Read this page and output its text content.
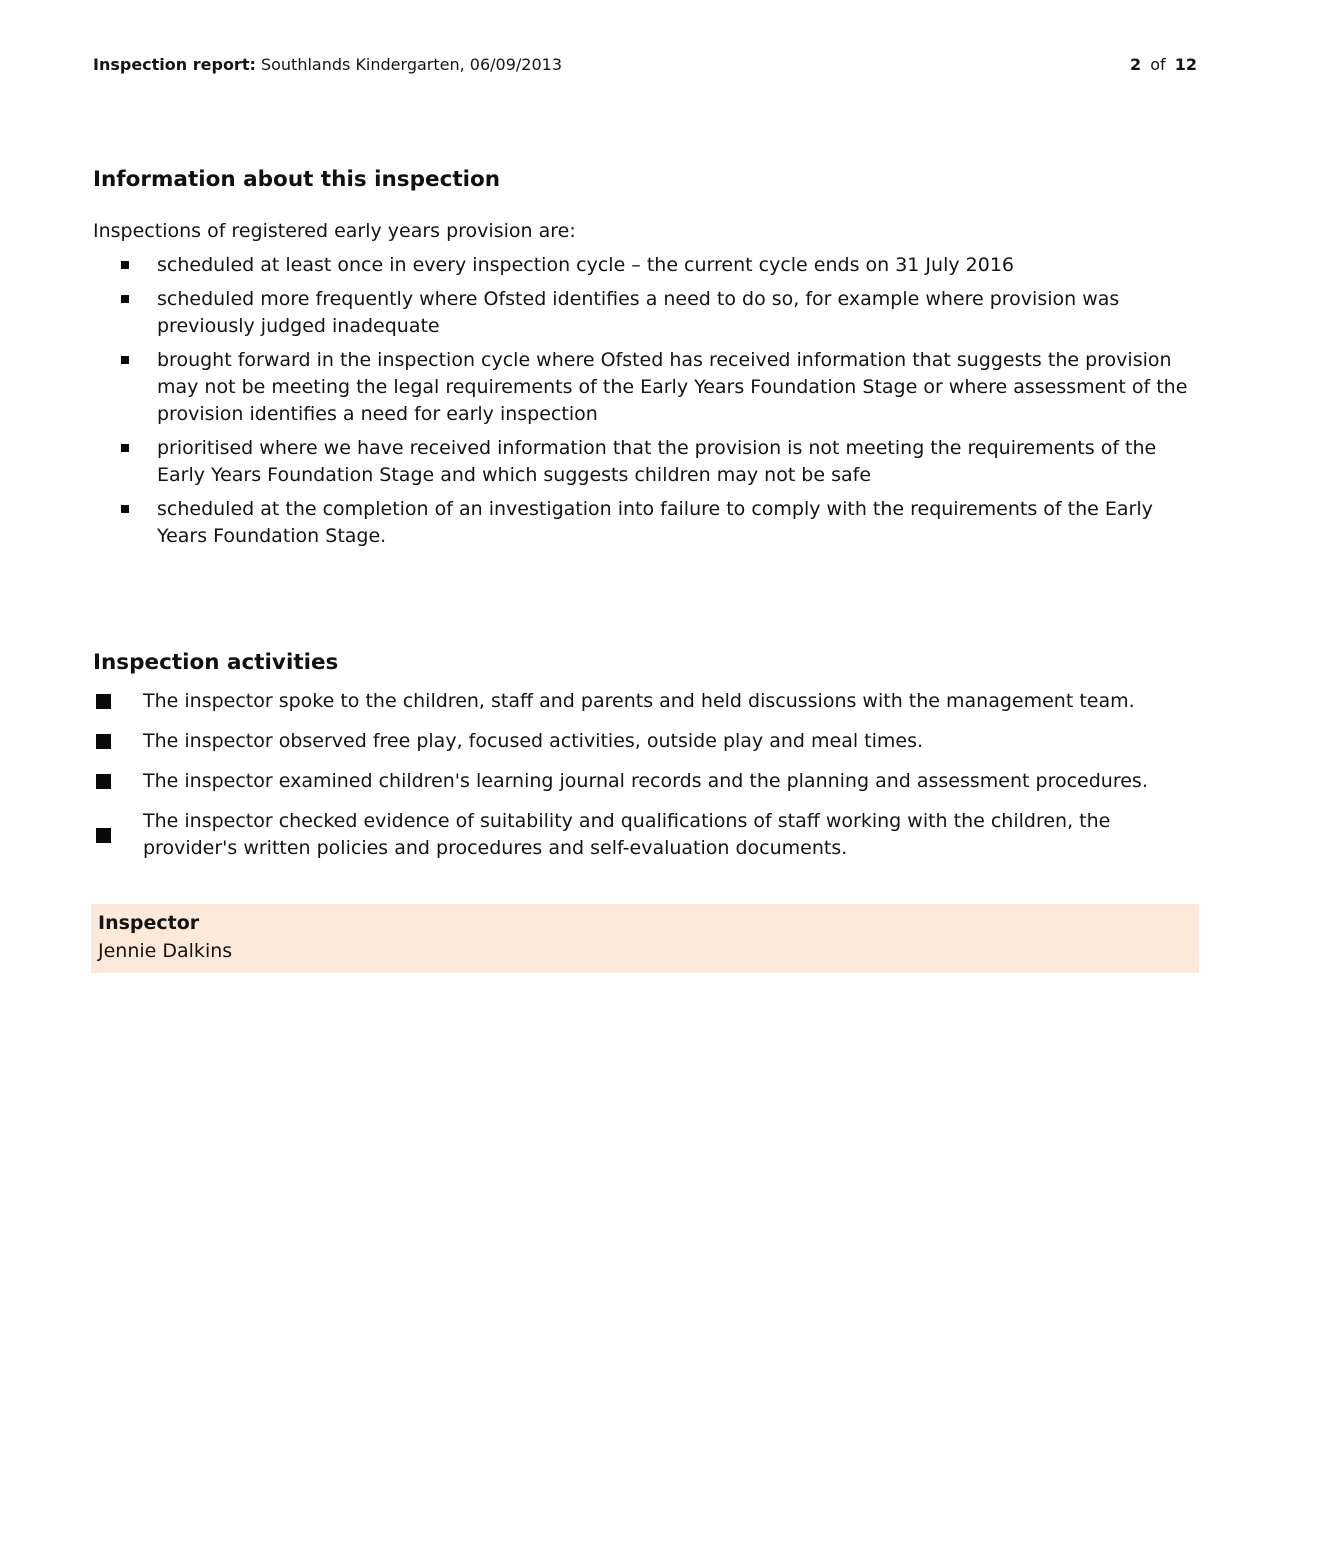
Inspection report: Southlands Kindergarten, 06/09/2013	2 of 12
Information about this inspection

Inspections of registered early years provision are:

scheduled at least once in every inspection cycle – the current cycle ends on 31 July 2016
scheduled more frequently where Ofsted identifies a need to do so, for example where provision was previously judged inadequate
brought forward in the inspection cycle where Ofsted has received information that suggests the provision may not be meeting the legal requirements of the Early Years Foundation Stage or where assessment of the provision identifies a need for early inspection
prioritised where we have received information that the provision is not meeting the requirements of the Early Years Foundation Stage and which suggests children may not be safe
scheduled at the completion of an investigation into failure to comply with the requirements of the Early Years Foundation Stage.
Inspection activities
The inspector spoke to the children, staff and parents and held discussions with the management team.
The inspector observed free play, focused activities, outside play and meal times.
The inspector examined children's learning journal records and the planning and assessment procedures.
The inspector checked evidence of suitability and qualifications of staff working with the children, the provider's written policies and procedures and self-evaluation documents.
Inspector
Jennie Dalkins
